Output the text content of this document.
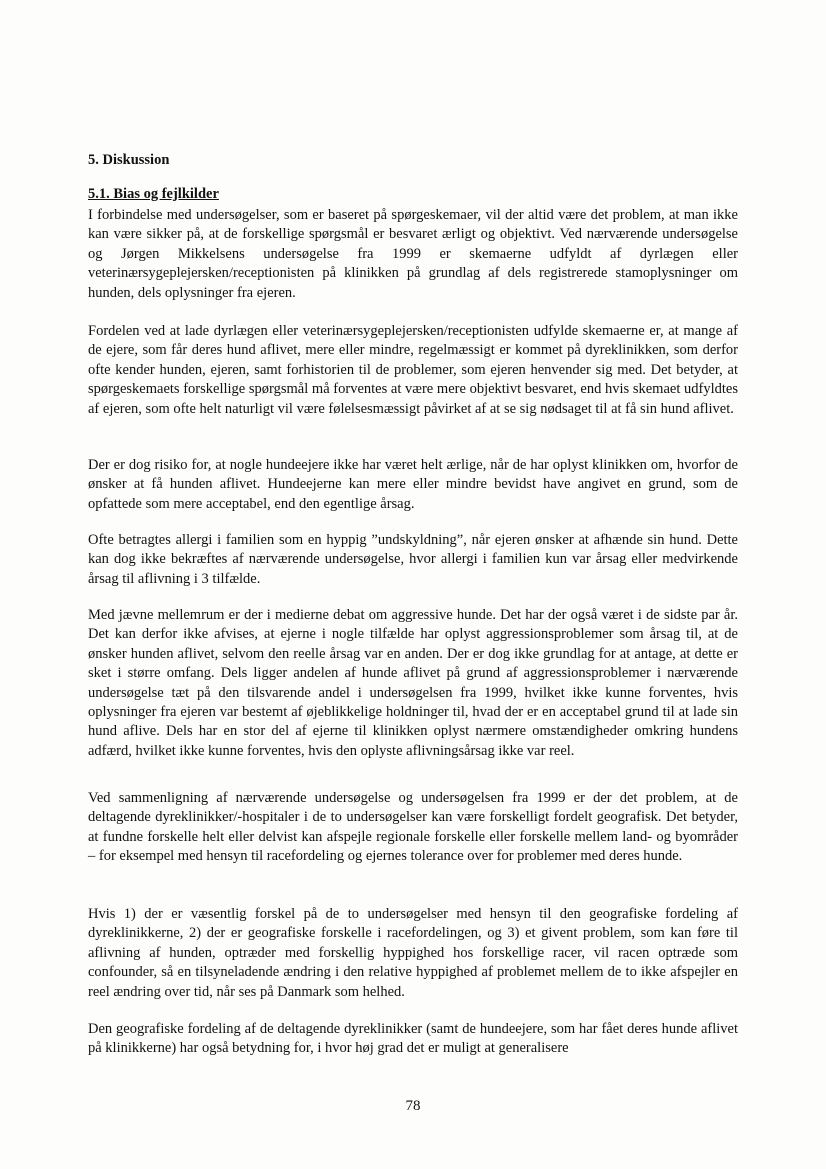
5. Diskussion
5.1. Bias og fejlkilder

I forbindelse med undersøgelser, som er baseret på spørgeskemaer, vil der altid være det problem, at man ikke kan være sikker på, at de forskellige spørgsmål er besvaret ærligt og objektivt. Ved nærværende undersøgelse og Jørgen Mikkelsens undersøgelse fra 1999 er skemaerne udfyldt af dyrlægen eller veterinærsygeplejersken/receptionisten på klinikken på grundlag af dels registrerede stamoplysninger om hunden, dels oplysninger fra ejeren.

Fordelen ved at lade dyrlægen eller veterinærsygeplejersken/receptionisten udfylde skemaerne er, at mange af de ejere, som får deres hund aflivet, mere eller mindre, regelmæssigt er kommet på dyreklinikken, som derfor ofte kender hunden, ejeren, samt forhistorien til de problemer, som ejeren henvender sig med. Det betyder, at spørgeskemaets forskellige spørgsmål må forventes at være mere objektivt besvaret, end hvis skemaet udfyldtes af ejeren, som ofte helt naturligt vil være følelsesmæssigt påvirket af at se sig nødsaget til at få sin hund aflivet.

Der er dog risiko for, at nogle hundeejere ikke har været helt ærlige, når de har oplyst klinikken om, hvorfor de ønsker at få hunden aflivet. Hundeejerne kan mere eller mindre bevidst have angivet en grund, som de opfattede som mere acceptabel, end den egentlige årsag.

Ofte betragtes allergi i familien som en hyppig ”undskyldning”, når ejeren ønsker at afhænde sin hund. Dette kan dog ikke bekræftes af nærværende undersøgelse, hvor allergi i familien kun var årsag eller medvirkende årsag til aflivning i 3 tilfælde.

Med jævne mellemrum er der i medierne debat om aggressive hunde. Det har der også været i de sidste par år. Det kan derfor ikke afvises, at ejerne i nogle tilfælde har oplyst aggressionsproblemer som årsag til, at de ønsker hunden aflivet, selvom den reelle årsag var en anden. Der er dog ikke grundlag for at antage, at dette er sket i større omfang. Dels ligger andelen af hunde aflivet på grund af aggressionsproblemer i nærværende undersøgelse tæt på den tilsvarende andel i undersøgelsen fra 1999, hvilket ikke kunne forventes, hvis oplysninger fra ejeren var bestemt af øjeblikkelige holdninger til, hvad der er en acceptabel grund til at lade sin hund aflive. Dels har en stor del af ejerne til klinikken oplyst nærmere omstændigheder omkring hundens adfærd, hvilket ikke kunne forventes, hvis den oplyste aflivningsårsag ikke var reel.

Ved sammenligning af nærværende undersøgelse og undersøgelsen fra 1999 er der det problem, at de deltagende dyreklinikker/-hospitaler i de to undersøgelser kan være forskelligt fordelt geografisk. Det betyder, at fundne forskelle helt eller delvist kan afspejle regionale forskelle eller forskelle mellem land- og byområder – for eksempel med hensyn til racefordeling og ejernes tolerance over for problemer med deres hunde.

Hvis 1) der er væsentlig forskel på de to undersøgelser med hensyn til den geografiske fordeling af dyreklinikkerne, 2) der er geografiske forskelle i racefordelingen, og 3) et givent problem, som kan føre til aflivning af hunden, optræder med forskellig hyppighed hos forskellige racer, vil racen optræde som confounder, så en tilsyneladende ændring i den relative hyppighed af problemet mellem de to ikke afspejler en reel ændring over tid, når ses på Danmark som helhed.

Den geografiske fordeling af de deltagende dyreklinikker (samt de hundeejere, som har fået deres hunde aflivet på klinikkerne) har også betydning for, i hvor høj grad det er muligt at generalisere

78
